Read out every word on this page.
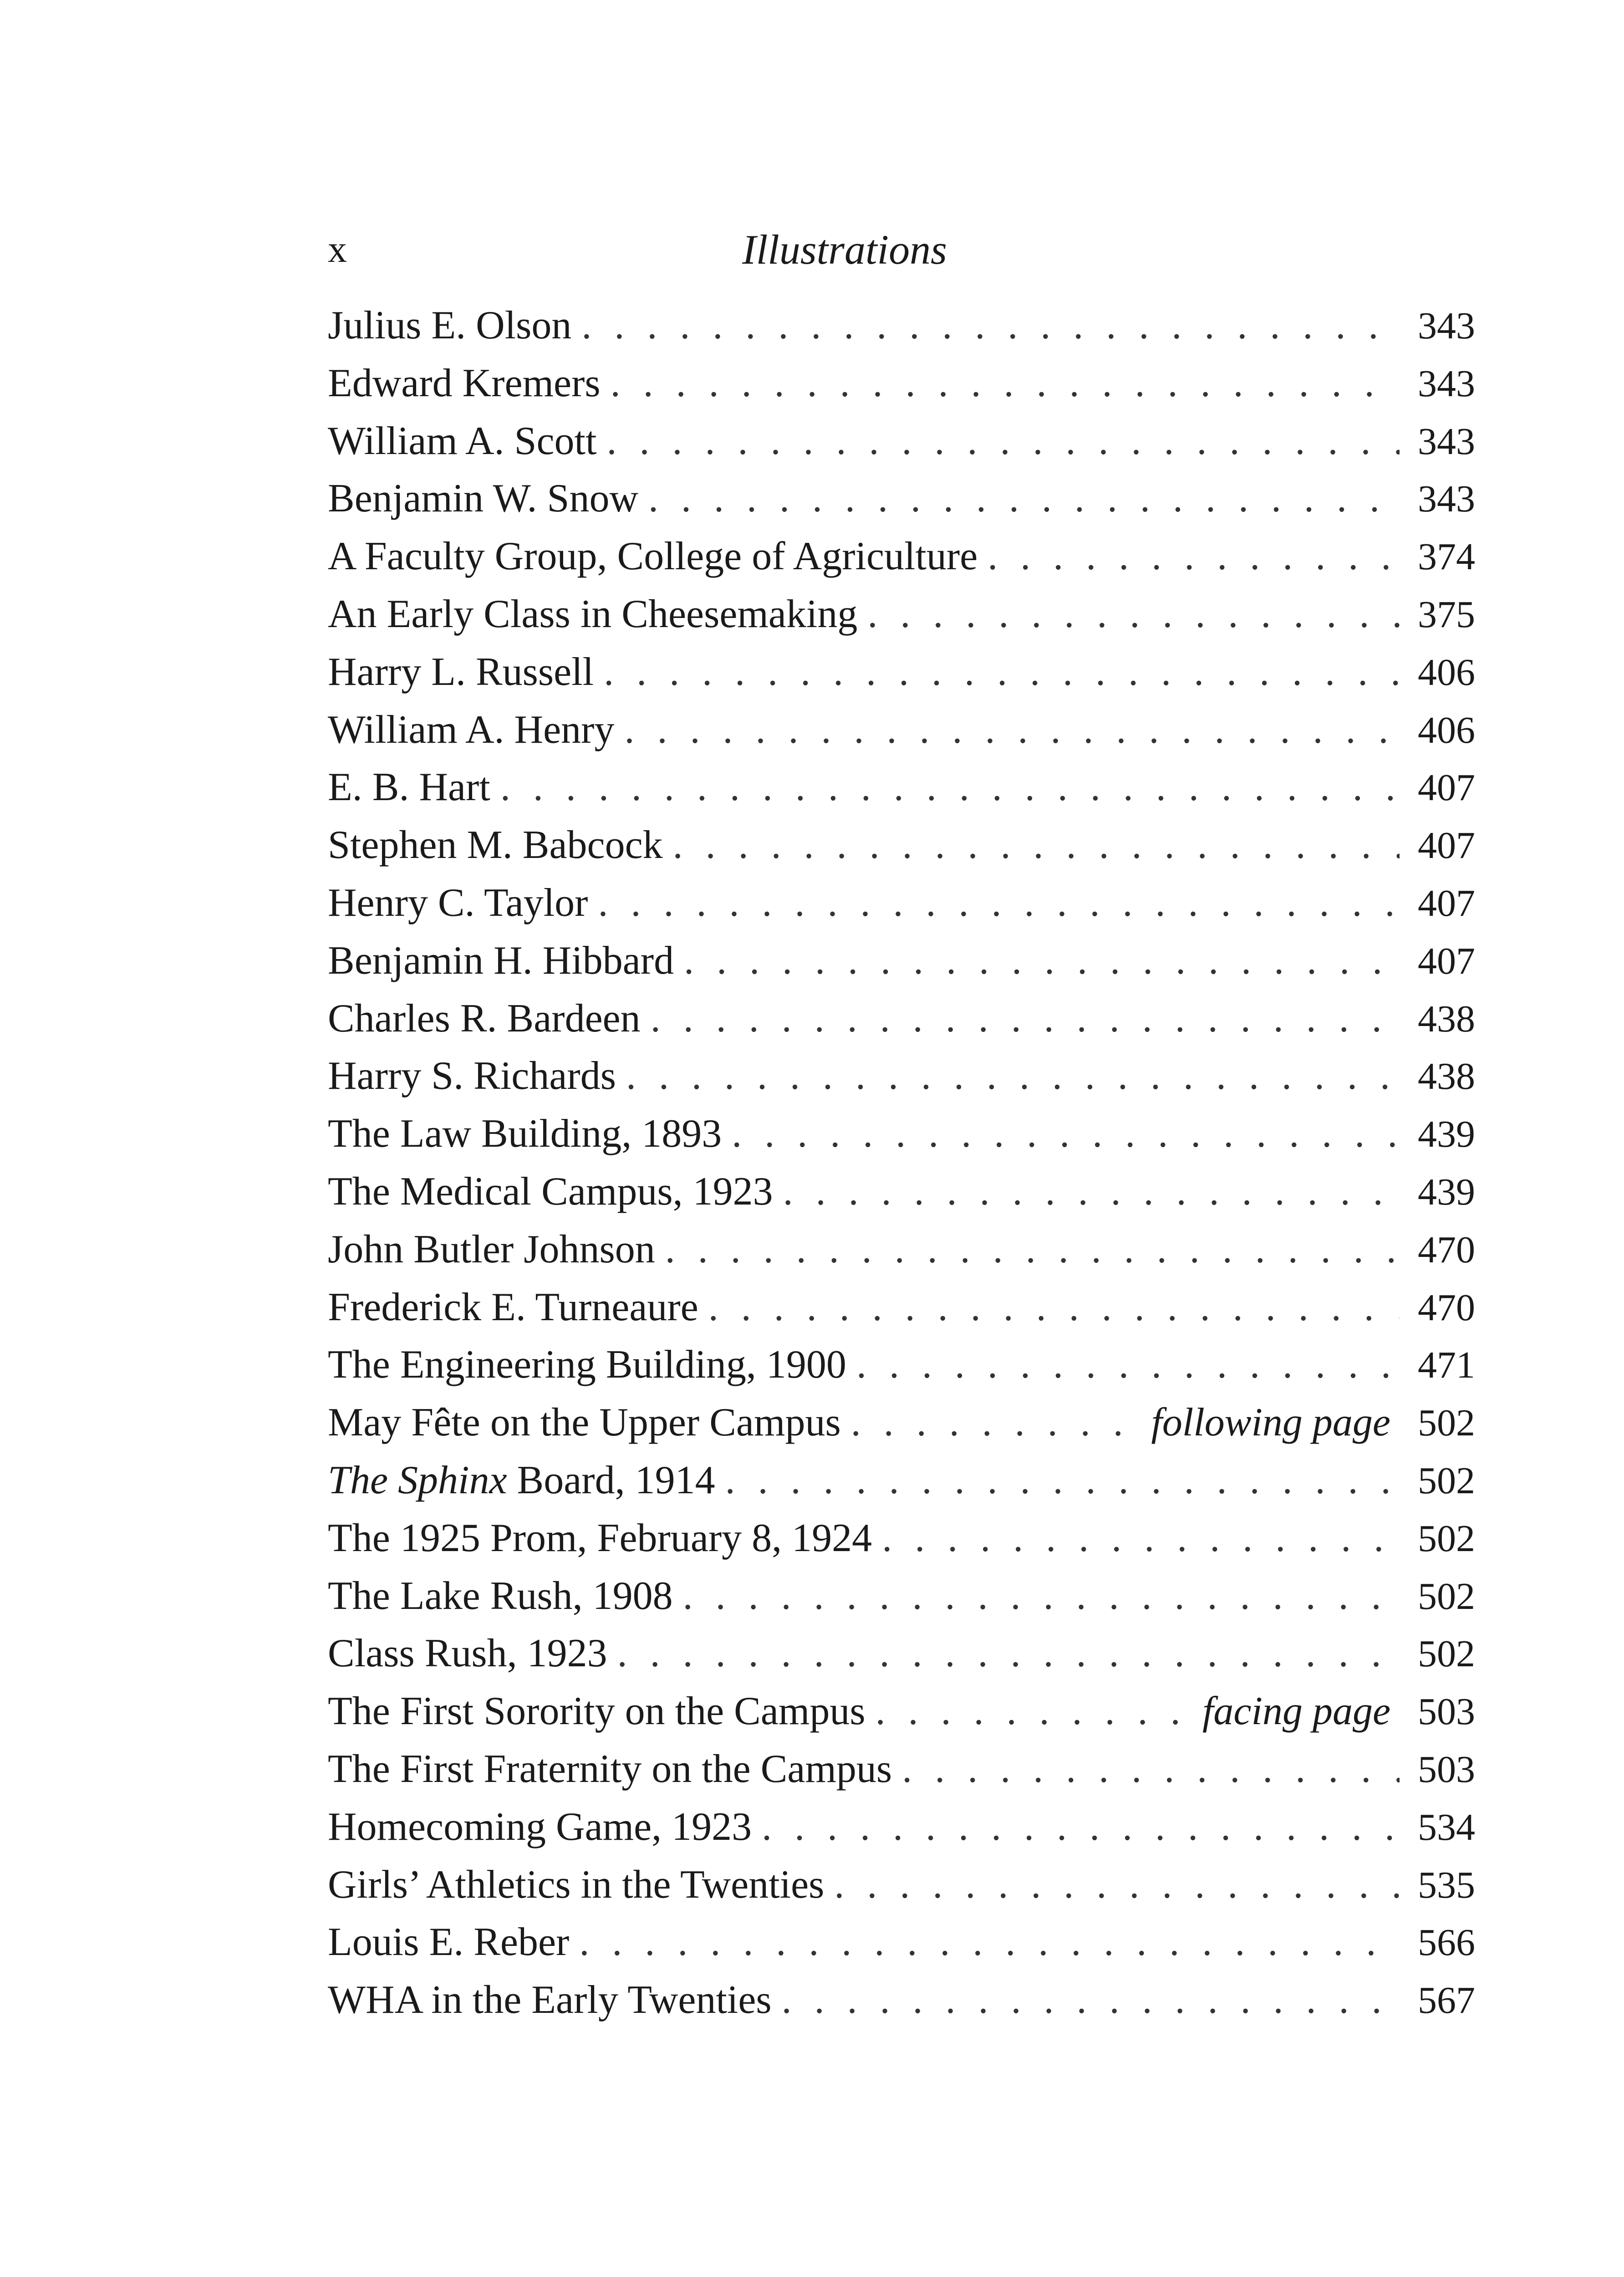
x	Illustrations
Julius E. Olson . . .	343
Edward Kremers . . .	343
William A. Scott . . .	343
Benjamin W. Snow . . .	343
A Faculty Group, College of Agriculture . . .	374
An Early Class in Cheesemaking . . .	375
Harry L. Russell . . .	406
William A. Henry . . .	406
E. B. Hart . . .	407
Stephen M. Babcock . . .	407
Henry C. Taylor . . .	407
Benjamin H. Hibbard . . .	407
Charles R. Bardeen . . .	438
Harry S. Richards . . .	438
The Law Building, 1893 . . .	439
The Medical Campus, 1923 . . .	439
John Butler Johnson . . .	470
Frederick E. Turneaure . . .	470
The Engineering Building, 1900 . . .	471
May Fête on the Upper Campus . . .	following page 502
The Sphinx Board, 1914 . . .	502
The 1925 Prom, February 8, 1924 . . .	502
The Lake Rush, 1908 . . .	502
Class Rush, 1923 . . .	502
The First Sorority on the Campus . . .	facing page 503
The First Fraternity on the Campus . . .	503
Homecoming Game, 1923 . . .	534
Girls’ Athletics in the Twenties . . .	535
Louis E. Reber . . .	566
WHA in the Early Twenties . . .	567
